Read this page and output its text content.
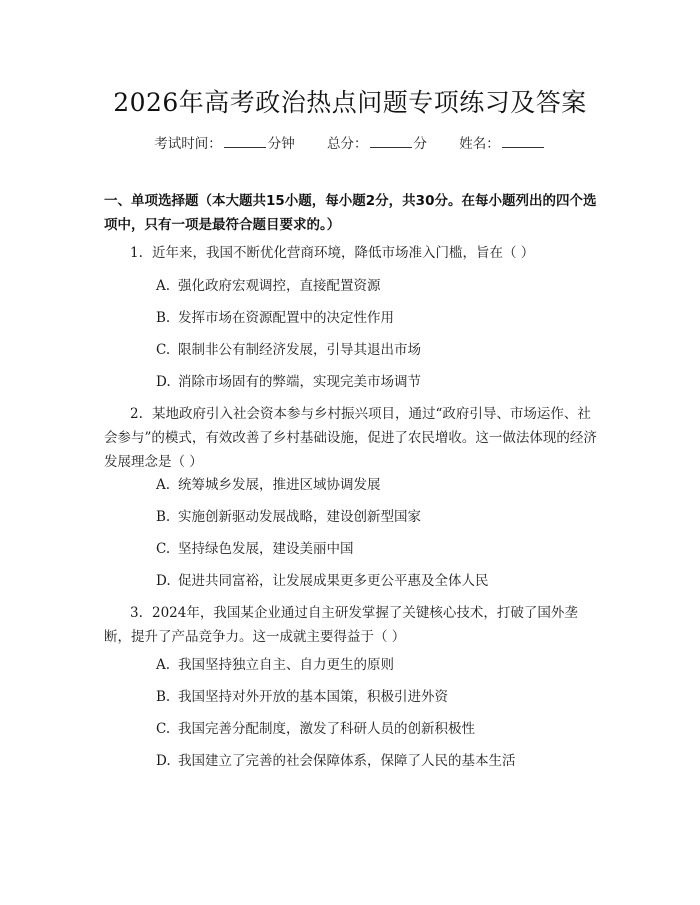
2026年高考政治热点问题专项练习及答案
考试时间：	分钟 总分：	分 姓名：
一、单项选择题（本大题共15小题，每小题2分，共30分。在每小题列出的四个选项中，只有一项是最符合题目要求的。）
1. 近年来，我国不断优化营商环境，降低市场准入门槛，旨在（ ）
A. 强化政府宏观调控，直接配置资源
B. 发挥市场在资源配置中的决定性作用
C. 限制非公有制经济发展，引导其退出市场
D. 消除市场固有的弊端，实现完美市场调节
2. 某地政府引入社会资本参与乡村振兴项目，通过“政府引导、市场运作、社会参与”的模式，有效改善了乡村基础设施，促进了农民增收。这一做法体现的经济发展理念是（ ）
A. 统筹城乡发展，推进区域协调发展
B. 实施创新驱动发展战略，建设创新型国家
C. 坚持绿色发展，建设美丽中国
D. 促进共同富裕，让发展成果更多更公平惠及全体人民
3. 2024年，我国某企业通过自主研发掌握了关键核心技术，打破了国外垄断，提升了产品竞争力。这一成就主要得益于（ ）
A. 我国坚持独立自主、自力更生的原则
B. 我国坚持对外开放的基本国策，积极引进外资
C. 我国完善分配制度，激发了科研人员的创新积极性
D. 我国建立了完善的社会保障体系，保障了人民的基本生活
